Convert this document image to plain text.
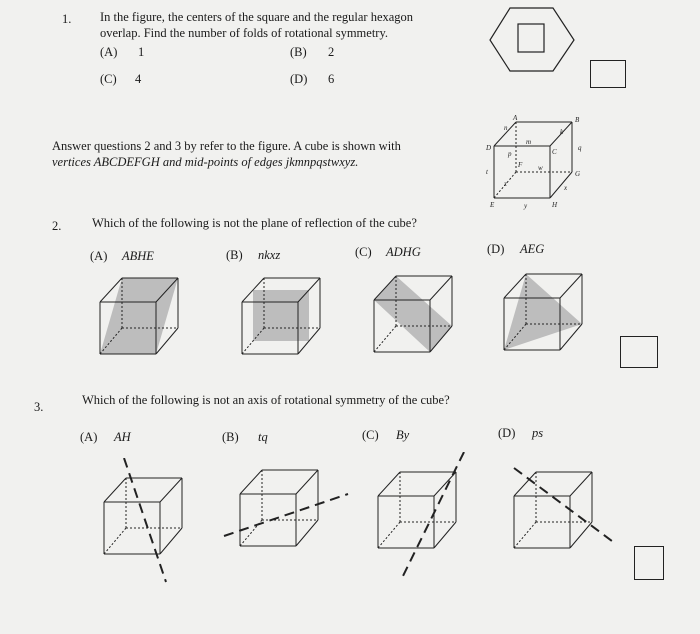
1. In the figure, the centers of the square and the regular hexagon
overlap. Find the number of folds of rotational symmetry.
(A) 1	(B) 2
(C) 4	(D) 6
Answer questions 2 and 3 by refer to the figure. A cube is shown with
vertices ABCDEFGH and mid-points of edges jkmnpqstwxyz.
A	B
C
D
E
F
G
H
n	k
m
p
q
t	w
x
y
z
2. Which of the following is not the plane of reflection of the cube?
(A) ABHE	(B) nkxz	(C) ADHG	(D) AEG
3.	Which of the following is not an axis of rotational symmetry of the cube?
(A) AH	(B) tq	(C) By	(D) ps
